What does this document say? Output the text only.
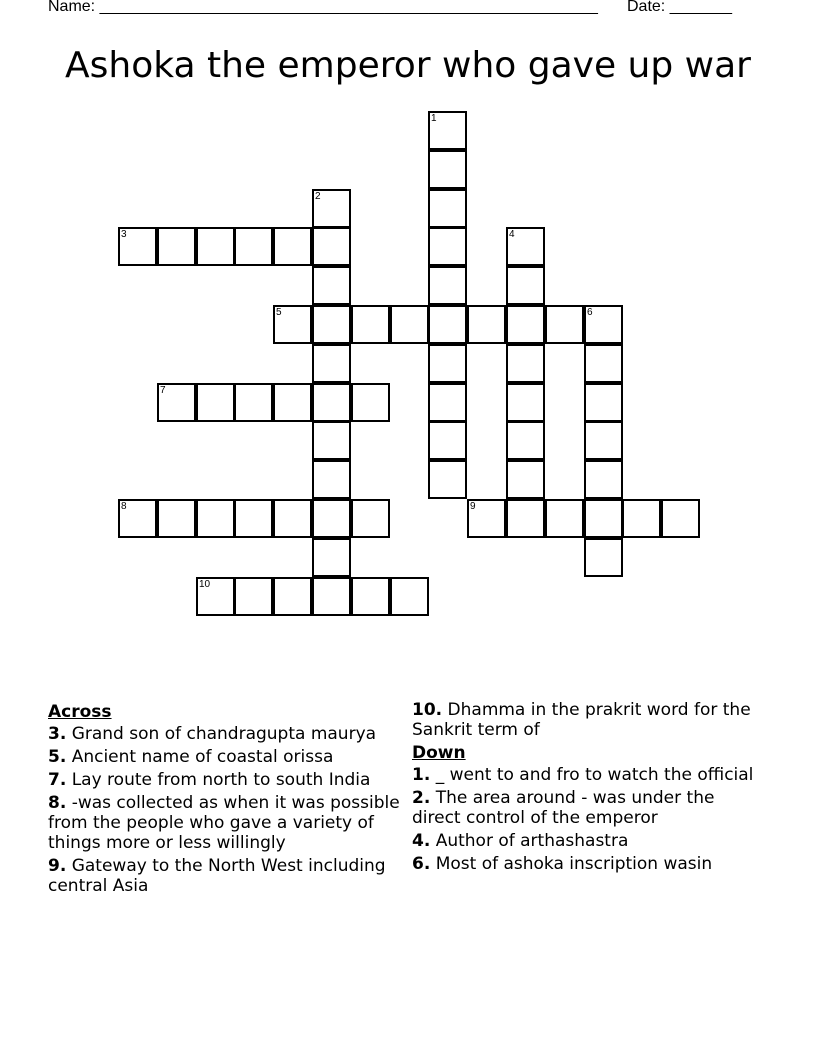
Name: ________________________________________________________ Date: _______
Ashoka the emperor who gave up war
1
2
3	4
5	6
7
8	9
10
Across
3. Grand son of chandragupta maurya
5. Ancient name of coastal orissa
7. Lay route from north to south India
8. -was collected as when it was possible from the people who gave a variety of things more or less willingly
9. Gateway to the North West including central Asia
10. Dhamma in the prakrit word for the Sankrit term of
Down
1. _ went to and fro to watch the official
2. The area around - was under the direct control of the emperor
4. Author of arthashastra
6. Most of ashoka inscription wasin
